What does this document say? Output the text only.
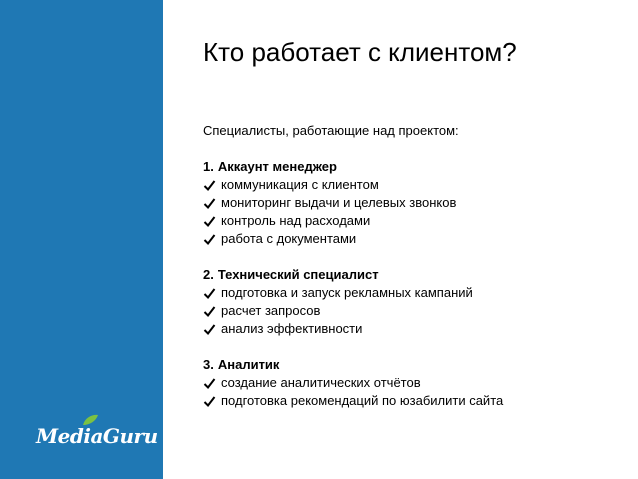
MediaGuru
Кто работает с клиентом?

Специалисты, работающие над проектом:

1. Аккаунт менеджер

коммуникация с клиентом
мониторинг выдачи и целевых звонков
контроль над расходами
работа с документами

2. Технический специалист

подготовка и запуск рекламных кампаний
расчет запросов
анализ эффективности

3. Аналитик

создание аналитических отчётов
подготовка рекомендаций по юзабилити сайта
